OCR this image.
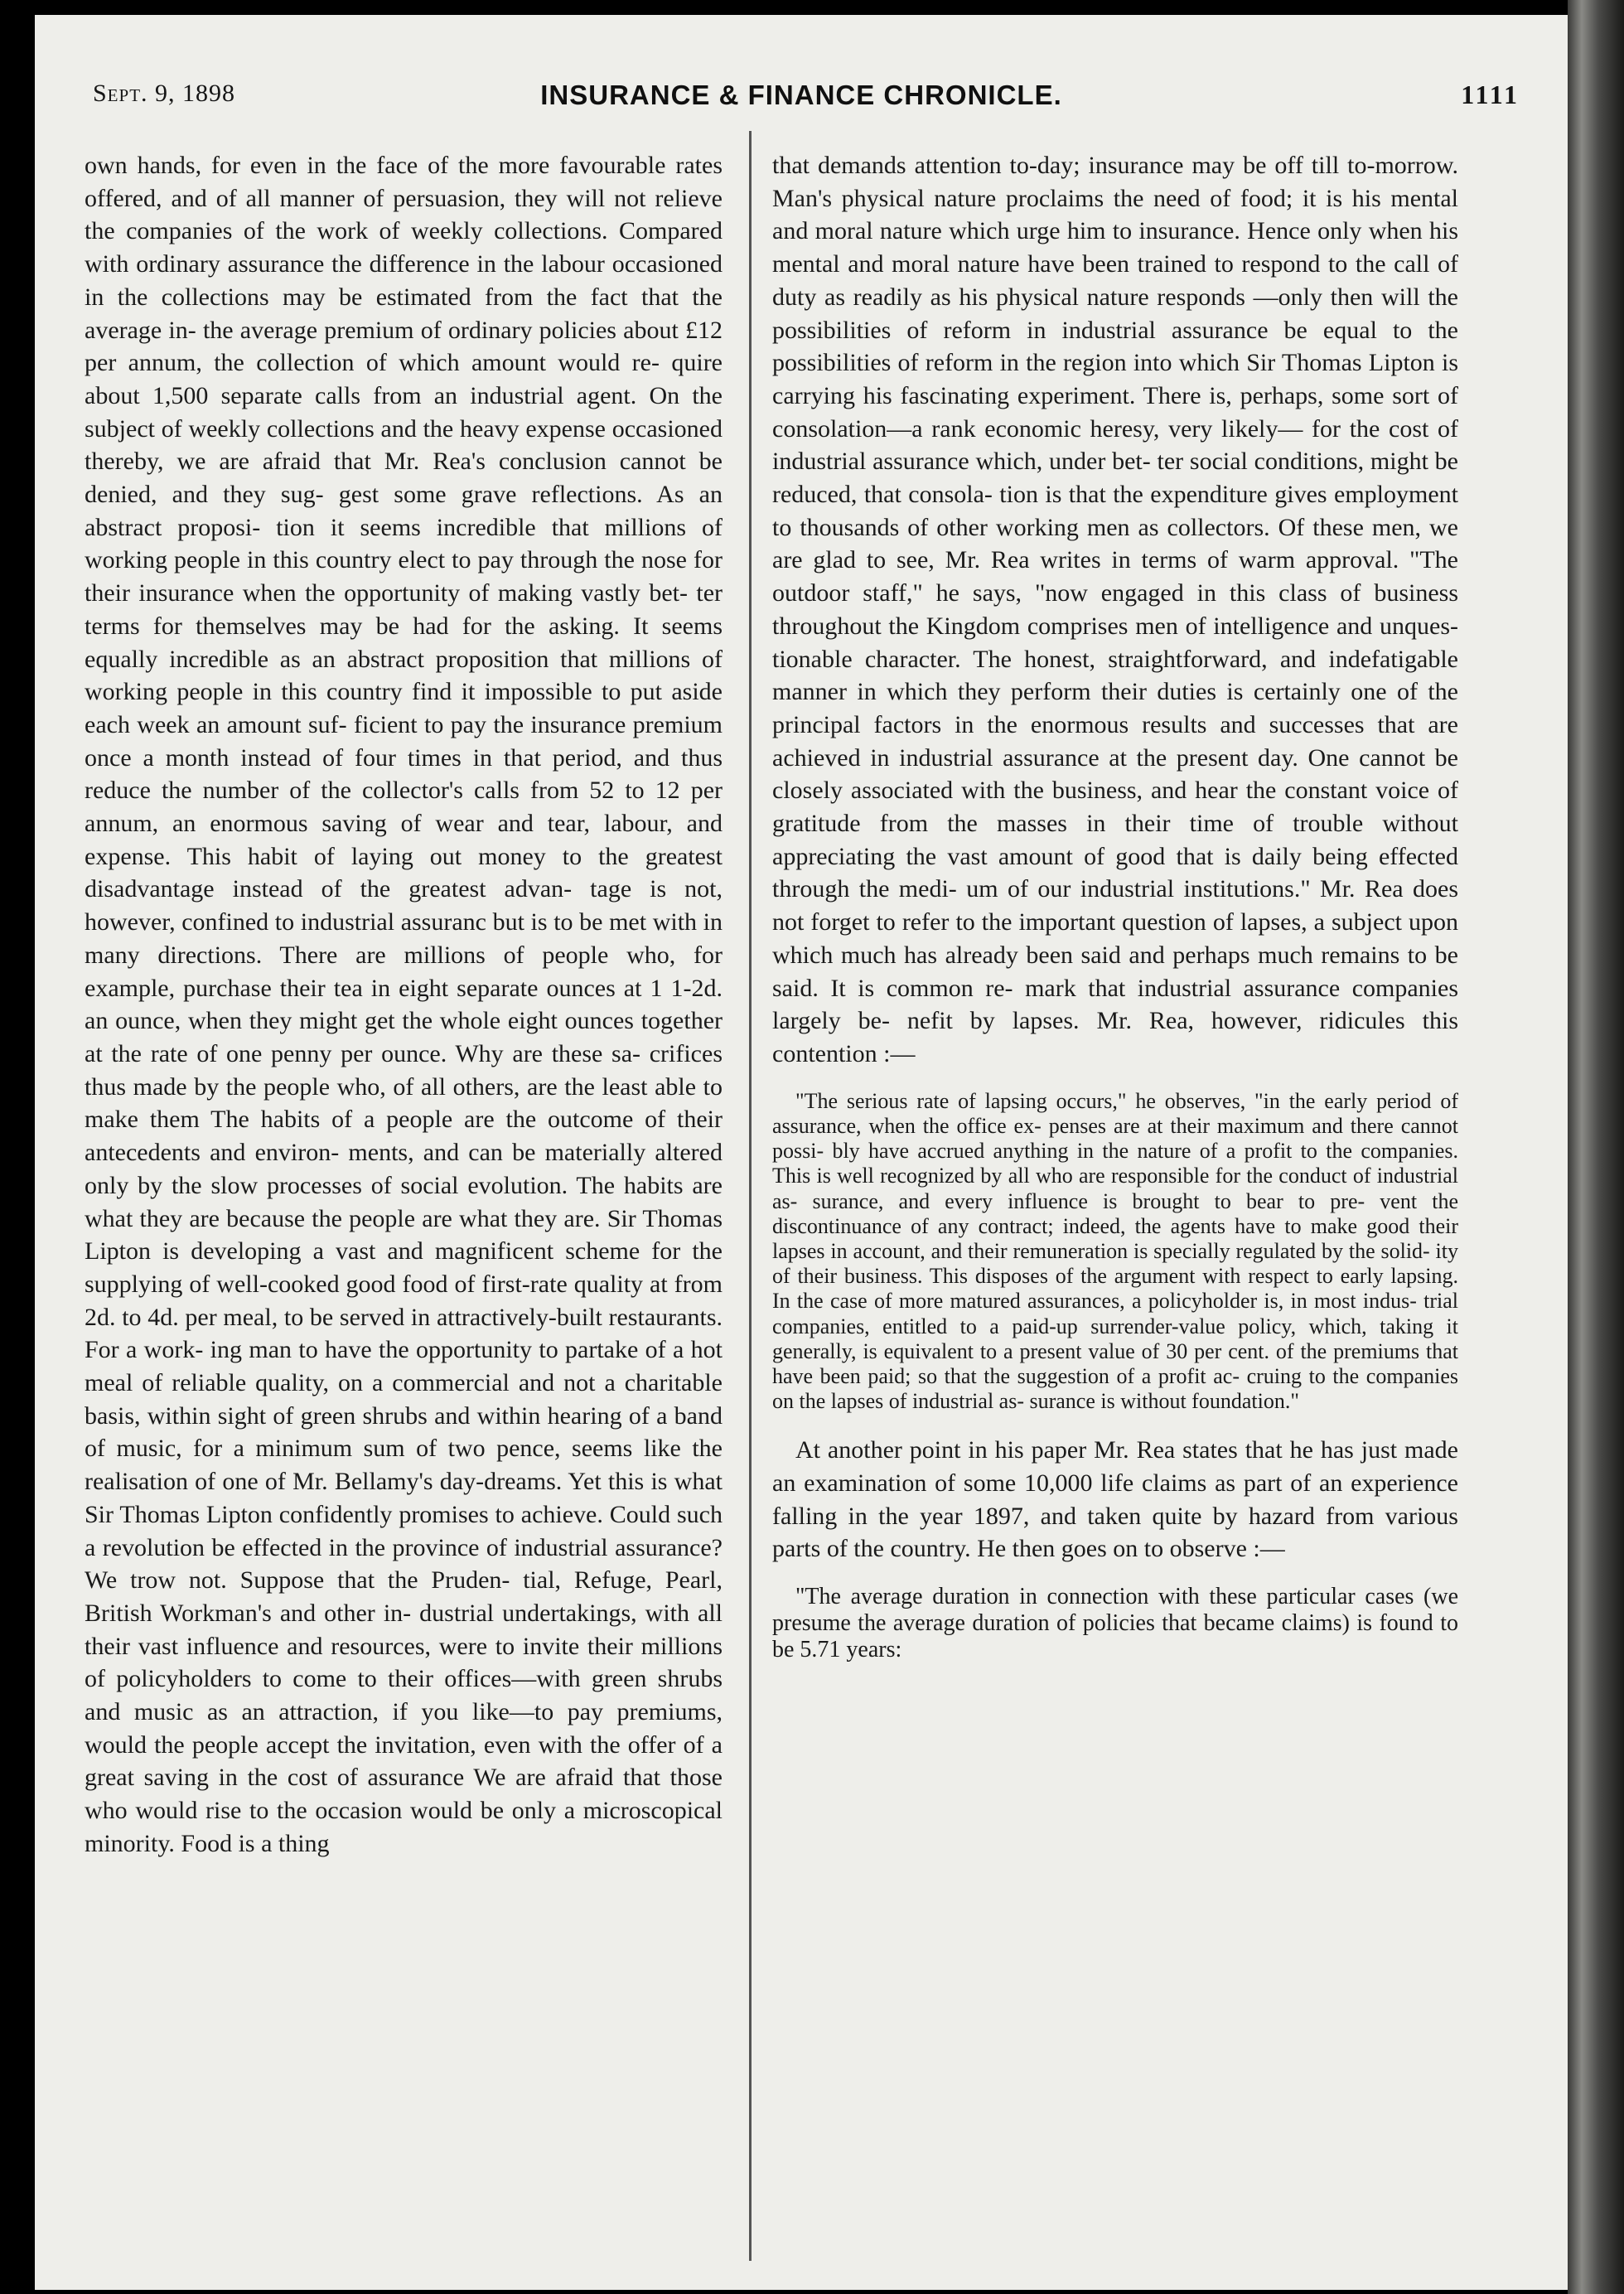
Sept. 9, 1898	INSURANCE & FINANCE CHRONICLE.	1111

own hands, for even in the face of the more favourable rates offered, and of all manner of persuasion, they will not relieve the companies of the work of weekly collections. Compared with ordinary assurance the difference in the labour occasioned in the collections may be estimated from the fact that the average in- the average premium of ordinary policies about £12 per annum, the collection of which amount would re- quire about 1,500 separate calls from an industrial agent. On the subject of weekly collections and the heavy expense occasioned thereby, we are afraid that Mr. Rea's conclusion cannot be denied, and they sug- gest some grave reflections. As an abstract proposi- tion it seems incredible that millions of working people in this country elect to pay through the nose for their insurance when the opportunity of making vastly bet- ter terms for themselves may be had for the asking. It seems equally incredible as an abstract proposition that millions of working people in this country find it impossible to put aside each week an amount suf- ficient to pay the insurance premium once a month instead of four times in that period, and thus reduce the number of the collector's calls from 52 to 12 per annum, an enormous saving of wear and tear, labour, and expense. This habit of laying out money to the greatest disadvantage instead of the greatest advan- tage is not, however, confined to industrial assuranc but is to be met with in many directions. There are millions of people who, for example, purchase their tea in eight separate ounces at 1 1-2d. an ounce, when they might get the whole eight ounces together at the rate of one penny per ounce. Why are these sa- crifices thus made by the people who, of all others, are the least able to make them The habits of a people are the outcome of their antecedents and environ- ments, and can be materially altered only by the slow processes of social evolution. The habits are what they are because the people are what they are. Sir Thomas Lipton is developing a vast and magnificent scheme for the supplying of well-cooked good food of first-rate quality at from 2d. to 4d. per meal, to be served in attractively-built restaurants. For a work- ing man to have the opportunity to partake of a hot meal of reliable quality, on a commercial and not a charitable basis, within sight of green shrubs and within hearing of a band of music, for a minimum sum of two pence, seems like the realisation of one of Mr. Bellamy's day-dreams. Yet this is what Sir Thomas Lipton confidently promises to achieve. Could such a revolution be effected in the province of industrial assurance? We trow not. Suppose that the Pruden- tial, Refuge, Pearl, British Workman's and other in- dustrial undertakings, with all their vast influence and resources, were to invite their millions of policyholders to come to their offices—with green shrubs and music as an attraction, if you like—to pay premiums, would the people accept the invitation, even with the offer of a great saving in the cost of assurance We are afraid that those who would rise to the occasion would be only a microscopical minority. Food is a thing

that demands attention to-day; insurance may be off till to-morrow. Man's physical nature proclaims the need of food; it is his mental and moral nature which urge him to insurance. Hence only when his mental and moral nature have been trained to respond to the call of duty as readily as his physical nature responds —only then will the possibilities of reform in industrial assurance be equal to the possibilities of reform in the region into which Sir Thomas Lipton is carrying his fascinating experiment. There is, perhaps, some sort of consolation—a rank economic heresy, very likely— for the cost of industrial assurance which, under bet- ter social conditions, might be reduced, that consola- tion is that the expenditure gives employment to thousands of other working men as collectors. Of these men, we are glad to see, Mr. Rea writes in terms of warm approval. "The outdoor staff," he says, "now engaged in this class of business throughout the Kingdom comprises men of intelligence and unques- tionable character. The honest, straightforward, and indefatigable manner in which they perform their duties is certainly one of the principal factors in the enormous results and successes that are achieved in industrial assurance at the present day. One cannot be closely associated with the business, and hear the constant voice of gratitude from the masses in their time of trouble without appreciating the vast amount of good that is daily being effected through the medi- um of our industrial institutions." Mr. Rea does not forget to refer to the important question of lapses, a subject upon which much has already been said and perhaps much remains to be said. It is common re- mark that industrial assurance companies largely be- nefit by lapses. Mr. Rea, however, ridicules this contention :—

"The serious rate of lapsing occurs," he observes, "in the early period of assurance, when the office ex- penses are at their maximum and there cannot possi- bly have accrued anything in the nature of a profit to the companies. This is well recognized by all who are responsible for the conduct of industrial as- surance, and every influence is brought to bear to pre- vent the discontinuance of any contract; indeed, the agents have to make good their lapses in account, and their remuneration is specially regulated by the solid- ity of their business. This disposes of the argument with respect to early lapsing. In the case of more matured assurances, a policyholder is, in most indus- trial companies, entitled to a paid-up surrender-value policy, which, taking it generally, is equivalent to a present value of 30 per cent. of the premiums that have been paid; so that the suggestion of a profit ac- cruing to the companies on the lapses of industrial as- surance is without foundation."

At another point in his paper Mr. Rea states that he has just made an examination of some 10,000 life claims as part of an experience falling in the year 1897, and taken quite by hazard from various parts of the country. He then goes on to observe :—

"The average duration in connection with these particular cases (we presume the average duration of policies that became claims) is found to be 5.71 years:
